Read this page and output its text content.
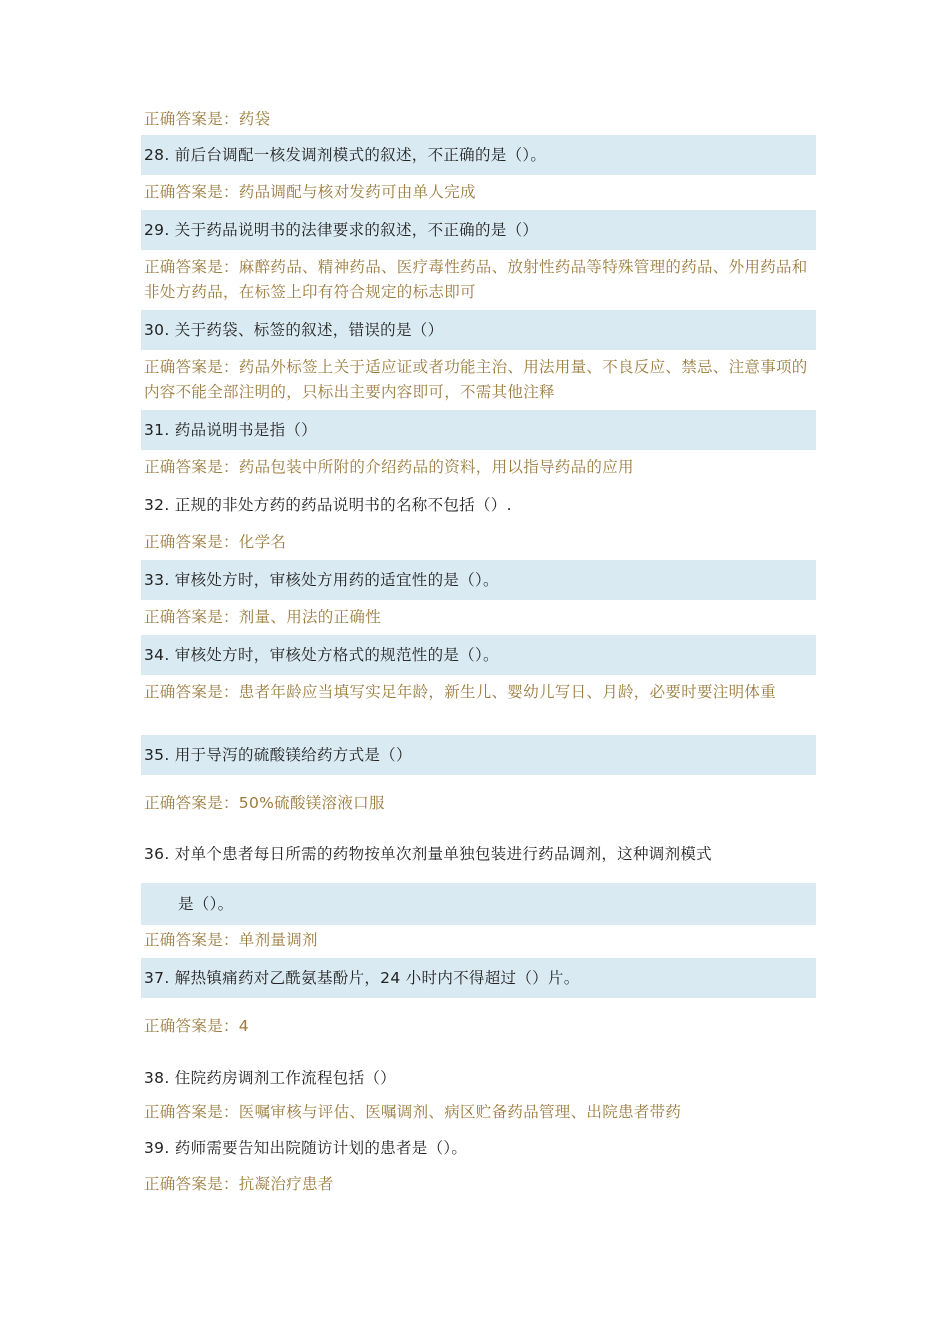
正确答案是：药袋
28. 前后台调配一核发调剂模式的叙述，不正确的是（）。
正确答案是：药品调配与核对发药可由单人完成
29. 关于药品说明书的法律要求的叙述，不正确的是（）
正确答案是：麻醉药品、精神药品、医疗毒性药品、放射性药品等特殊管理的药品、外用药品和非处方药品，在标签上印有符合规定的标志即可
30. 关于药袋、标签的叙述，错误的是（）
正确答案是：药品外标签上关于适应证或者功能主治、用法用量、不良反应、禁忌、注意事项的内容不能全部注明的，只标出主要内容即可，不需其他注释
31. 药品说明书是指（）
正确答案是：药品包装中所附的介绍药品的资料，用以指导药品的应用
32. 正规的非处方药的药品说明书的名称不包括（）.
正确答案是：化学名
33. 审核处方时，审核处方用药的适宜性的是（）。
正确答案是：剂量、用法的正确性
34. 审核处方时，审核处方格式的规范性的是（）。
正确答案是：患者年龄应当填写实足年龄，新生儿、婴幼儿写日、月龄，必要时要注明体重
35. 用于导泻的硫酸镁给药方式是（）
正确答案是：50%硫酸镁溶液口服
36. 对单个患者每日所需的药物按单次剂量单独包装进行药品调剂，这种调剂模式
是（）。
正确答案是：单剂量调剂
37. 解热镇痛药对乙酰氨基酚片，24 小时内不得超过（）片。
正确答案是：4
38. 住院药房调剂工作流程包括（）
正确答案是：医嘱审核与评估、医嘱调剂、病区贮备药品管理、出院患者带药
39. 药师需要告知出院随访计划的患者是（）。
正确答案是：抗凝治疗患者
